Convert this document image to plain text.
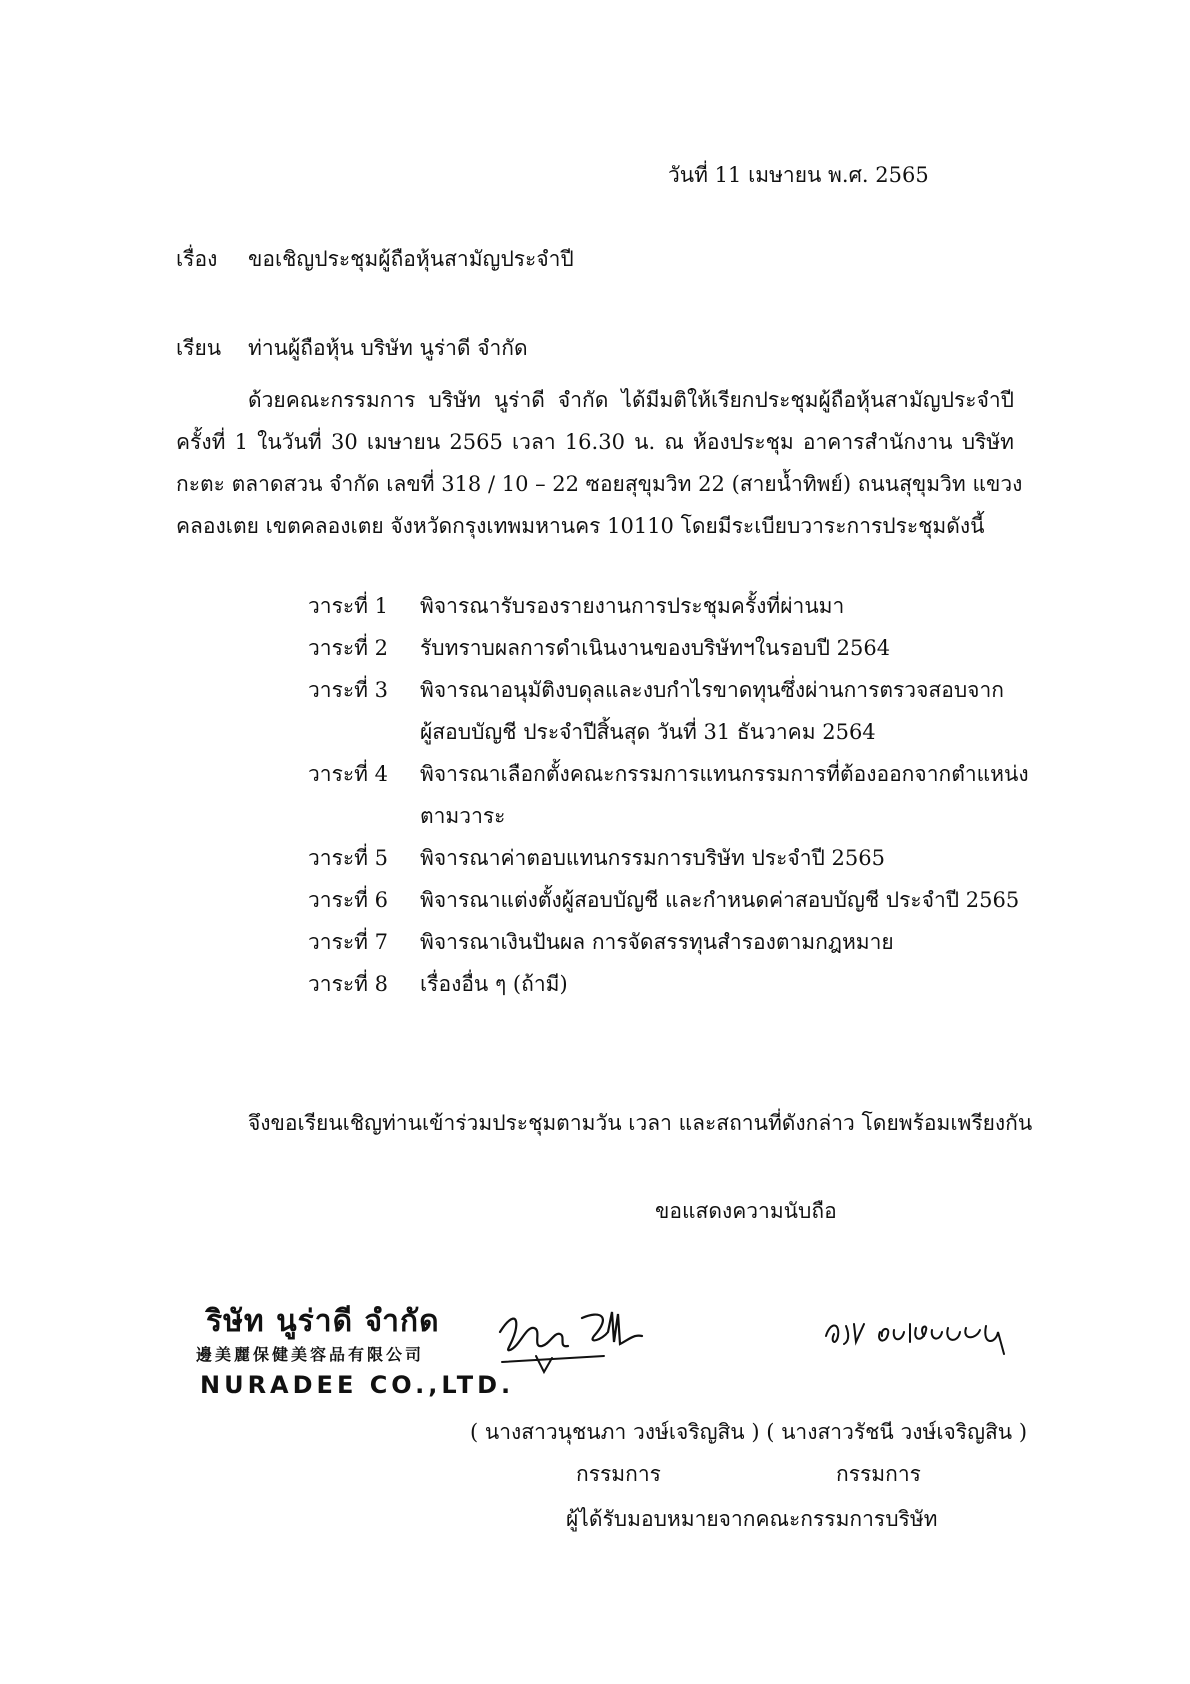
วันที่ 11 เมษายน พ.ศ. 2565
เรื่อง	ขอเชิญประชุมผู้ถือหุ้นสามัญประจำปี
เรียน	ท่านผู้ถือหุ้น บริษัท นูร่าดี จำกัด
ด้วยคณะกรรมการ บริษัท นูร่าดี จำกัด ได้มีมติให้เรียกประชุมผู้ถือหุ้นสามัญประจำปี
ครั้งที่ 1 ในวันที่ 30 เมษายน 2565 เวลา 16.30 น. ณ ห้องประชุม อาคารสำนักงาน บริษัท
กะตะ ตลาดสวน จำกัด เลขที่ 318 / 10 – 22 ซอยสุขุมวิท 22 (สายน้ำทิพย์) ถนนสุขุมวิท แขวง
คลองเตย เขตคลองเตย จังหวัดกรุงเทพมหานคร 10110 โดยมีระเบียบวาระการประชุมดังนี้
วาระที่ 1	พิจารณารับรองรายงานการประชุมครั้งที่ผ่านมา
วาระที่ 2	รับทราบผลการดำเนินงานของบริษัทฯในรอบปี 2564
วาระที่ 3	พิจารณาอนุมัติงบดุลและงบกำไรขาดทุนซึ่งผ่านการตรวจสอบจาก
ผู้สอบบัญชี ประจำปีสิ้นสุด วันที่ 31 ธันวาคม 2564
วาระที่ 4	พิจารณาเลือกตั้งคณะกรรมการแทนกรรมการที่ต้องออกจากตำแหน่ง
ตามวาระ
วาระที่ 5	พิจารณาค่าตอบแทนกรรมการบริษัท ประจำปี 2565
วาระที่ 6	พิจารณาแต่งตั้งผู้สอบบัญชี และกำหนดค่าสอบบัญชี ประจำปี 2565
วาระที่ 7	พิจารณาเงินปันผล การจัดสรรทุนสำรองตามกฎหมาย
วาระที่ 8	เรื่องอื่น ๆ (ถ้ามี)
จึงขอเรียนเชิญท่านเข้าร่วมประชุมตามวัน เวลา และสถานที่ดังกล่าว โดยพร้อมเพรียงกัน
ขอแสดงความนับถือ
ริษัท นูร่าดี จำกัด
邊美麗保健美容品有限公司
NURADEE CO.,LTD.
( นางสาวนุชนภา วงษ์เจริญสิน ) ( นางสาวรัชนี วงษ์เจริญสิน )
กรรมการ	กรรมการ
ผู้ได้รับมอบหมายจากคณะกรรมการบริษัท
